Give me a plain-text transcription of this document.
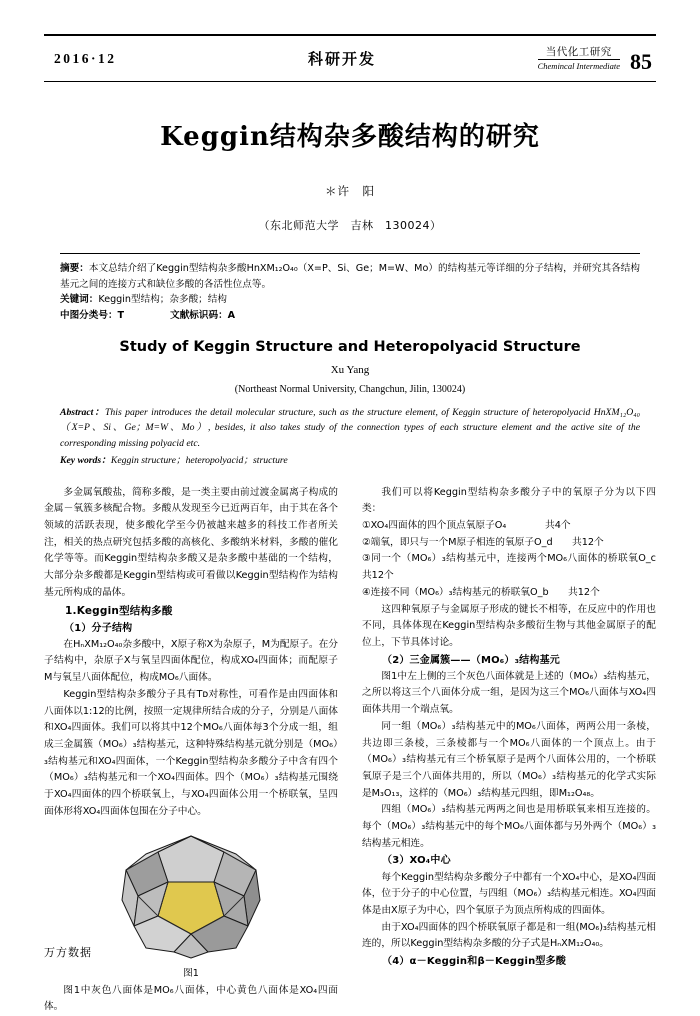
2016·12	科研开发	当代化工研究
Chemincal Intermediate 85
Keggin结构杂多酸结构的研究
＊许　阳
（东北师范大学　吉林　130024）
摘要：本文总结介绍了Keggin型结构杂多酸HnXM₁₂O₄₀（X=P、Si、Ge；M=W、Mo）的结构基元等详细的分子结构，并研究其各结构基元之间的连接方式和缺位多酸的各活性位点等。
关键词：Keggin型结构；杂多酸；结构
中图分类号：T	文献标识码：A
Study of Keggin Structure and Heteropolyacid Structure
Xu Yang
(Northeast Normal University, Changchun, Jilin, 130024)
Abstract：This paper introduces the detail molecular structure, such as the structure element, of Keggin structure of heteropolyacid HnXM₁₂O₄₀（X=P、Si、Ge；M=W、Mo）, besides, it also takes study of the connection types of each structure element and the active site of the corresponding missing polyacid etc.
Key words：Keggin structure；heteropolyacid；structure

多金属氧酸盐，简称多酸，是一类主要由前过渡金属离子构成的金属－氧簇多核配合物。多酸从发现至今已近两百年，由于其在各个领域的活跃表现，使多酸化学至今仍被越来越多的科技工作者所关注，相关的热点研究包括多酸的高核化、多酸纳米材料，多酸的催化化学等等。而Keggin型结构杂多酸又是杂多酸中基础的一个结构，大部分杂多酸都是Keggin型结构或可看做以Keggin型结构作为结构基元所构成的晶体。

1.Keggin型结构多酸

（1）分子结构

在HₙXM₁₂O₄₀杂多酸中，X原子称X为杂原子，M为配原子。在分子结构中，杂原子X与氧呈四面体配位，构成XO₄四面体；而配原子M与氧呈八面体配位，构成MO₆八面体。

Keggin型结构杂多酸分子具有Tᴅ对称性，可看作是由四面体和八面体以1:12的比例，按照一定规律所结合成的分子，分别是八面体和XO₄四面体。我们可以将其中12个MO₆八面体每3个分成一组，组成三金属簇（MO₆）₃结构基元，这种特殊结构基元就分别是（MO₆）₃结构基元和XO₄四面体，一个Keggin型结构杂多酸分子中含有四个（MO₆）₃结构基元和一个XO₄四面体。四个（MO₆）₃结构基元围绕于XO₄四面体的四个桥联氧上，与XO₄四面体公用一个桥联氧，呈四面体形将XO₄四面体包围在分子中心。

图1

图1中灰色八面体是MO₆八面体，中心黄色八面体是XO₄四面体。

我们可以将Keggin型结构杂多酸分子中的氧原子分为以下四类：

①XO₄四面体的四个顶点氧原子O₄　　　　共4个

②端氧，即只与一个M原子相连的氧原子O_d　　共12个

③同一个（MO₆）₃结构基元中，连接两个MO₆八面体的桥联氧O_c　　共12个

④连接不同（MO₆）₃结构基元的桥联氧O_b　　共12个

这四种氧原子与金属原子形成的键长不相等，在反应中的作用也不同，具体体现在Keggin型结构杂多酸衍生物与其他金属原子的配位上，下节具体讨论。

（2）三金属簇——（MO₆）₃结构基元

图1中左上侧的三个灰色八面体就是上述的（MO₆）₃结构基元，之所以将这三个八面体分成一组，是因为这三个MO₆八面体与XO₄四面体共用一个端点氧。

同一组（MO₆）₃结构基元中的MO₆八面体，两两公用一条棱，共边即三条棱，三条棱都与一个MO₆八面体的一个顶点上。由于（MO₆）₃结构基元有三个桥氧原子是两个八面体公用的，一个桥联氧原子是三个八面体共用的，所以（MO₆）₃结构基元的化学式实际是M₃O₁₃，这样的（MO₆）₃结构基元四组，即M₁₂O₄₈。

四组（MO₆）₃结构基元两两之间也是用桥联氧来相互连接的。每个（MO₆）₃结构基元中的每个MO₆八面体都与另外两个（MO₆）₃结构基元相连。

（3）XO₄中心

每个Keggin型结构杂多酸分子中都有一个XO₄中心，是XO₄四面体，位于分子的中心位置，与四组（MO₆）₃结构基元相连。XO₄四面体是由X原子为中心，四个氧原子为顶点所构成的四面体。

由于XO₄四面体的四个桥联氧原子都是和一组(MO₆)₃结构基元相连的，所以Keggin型结构杂多酸的分子式是HₙXM₁₂O₄₀。

（4）α－Keggin和β－Keggin型多酸

万方数据
